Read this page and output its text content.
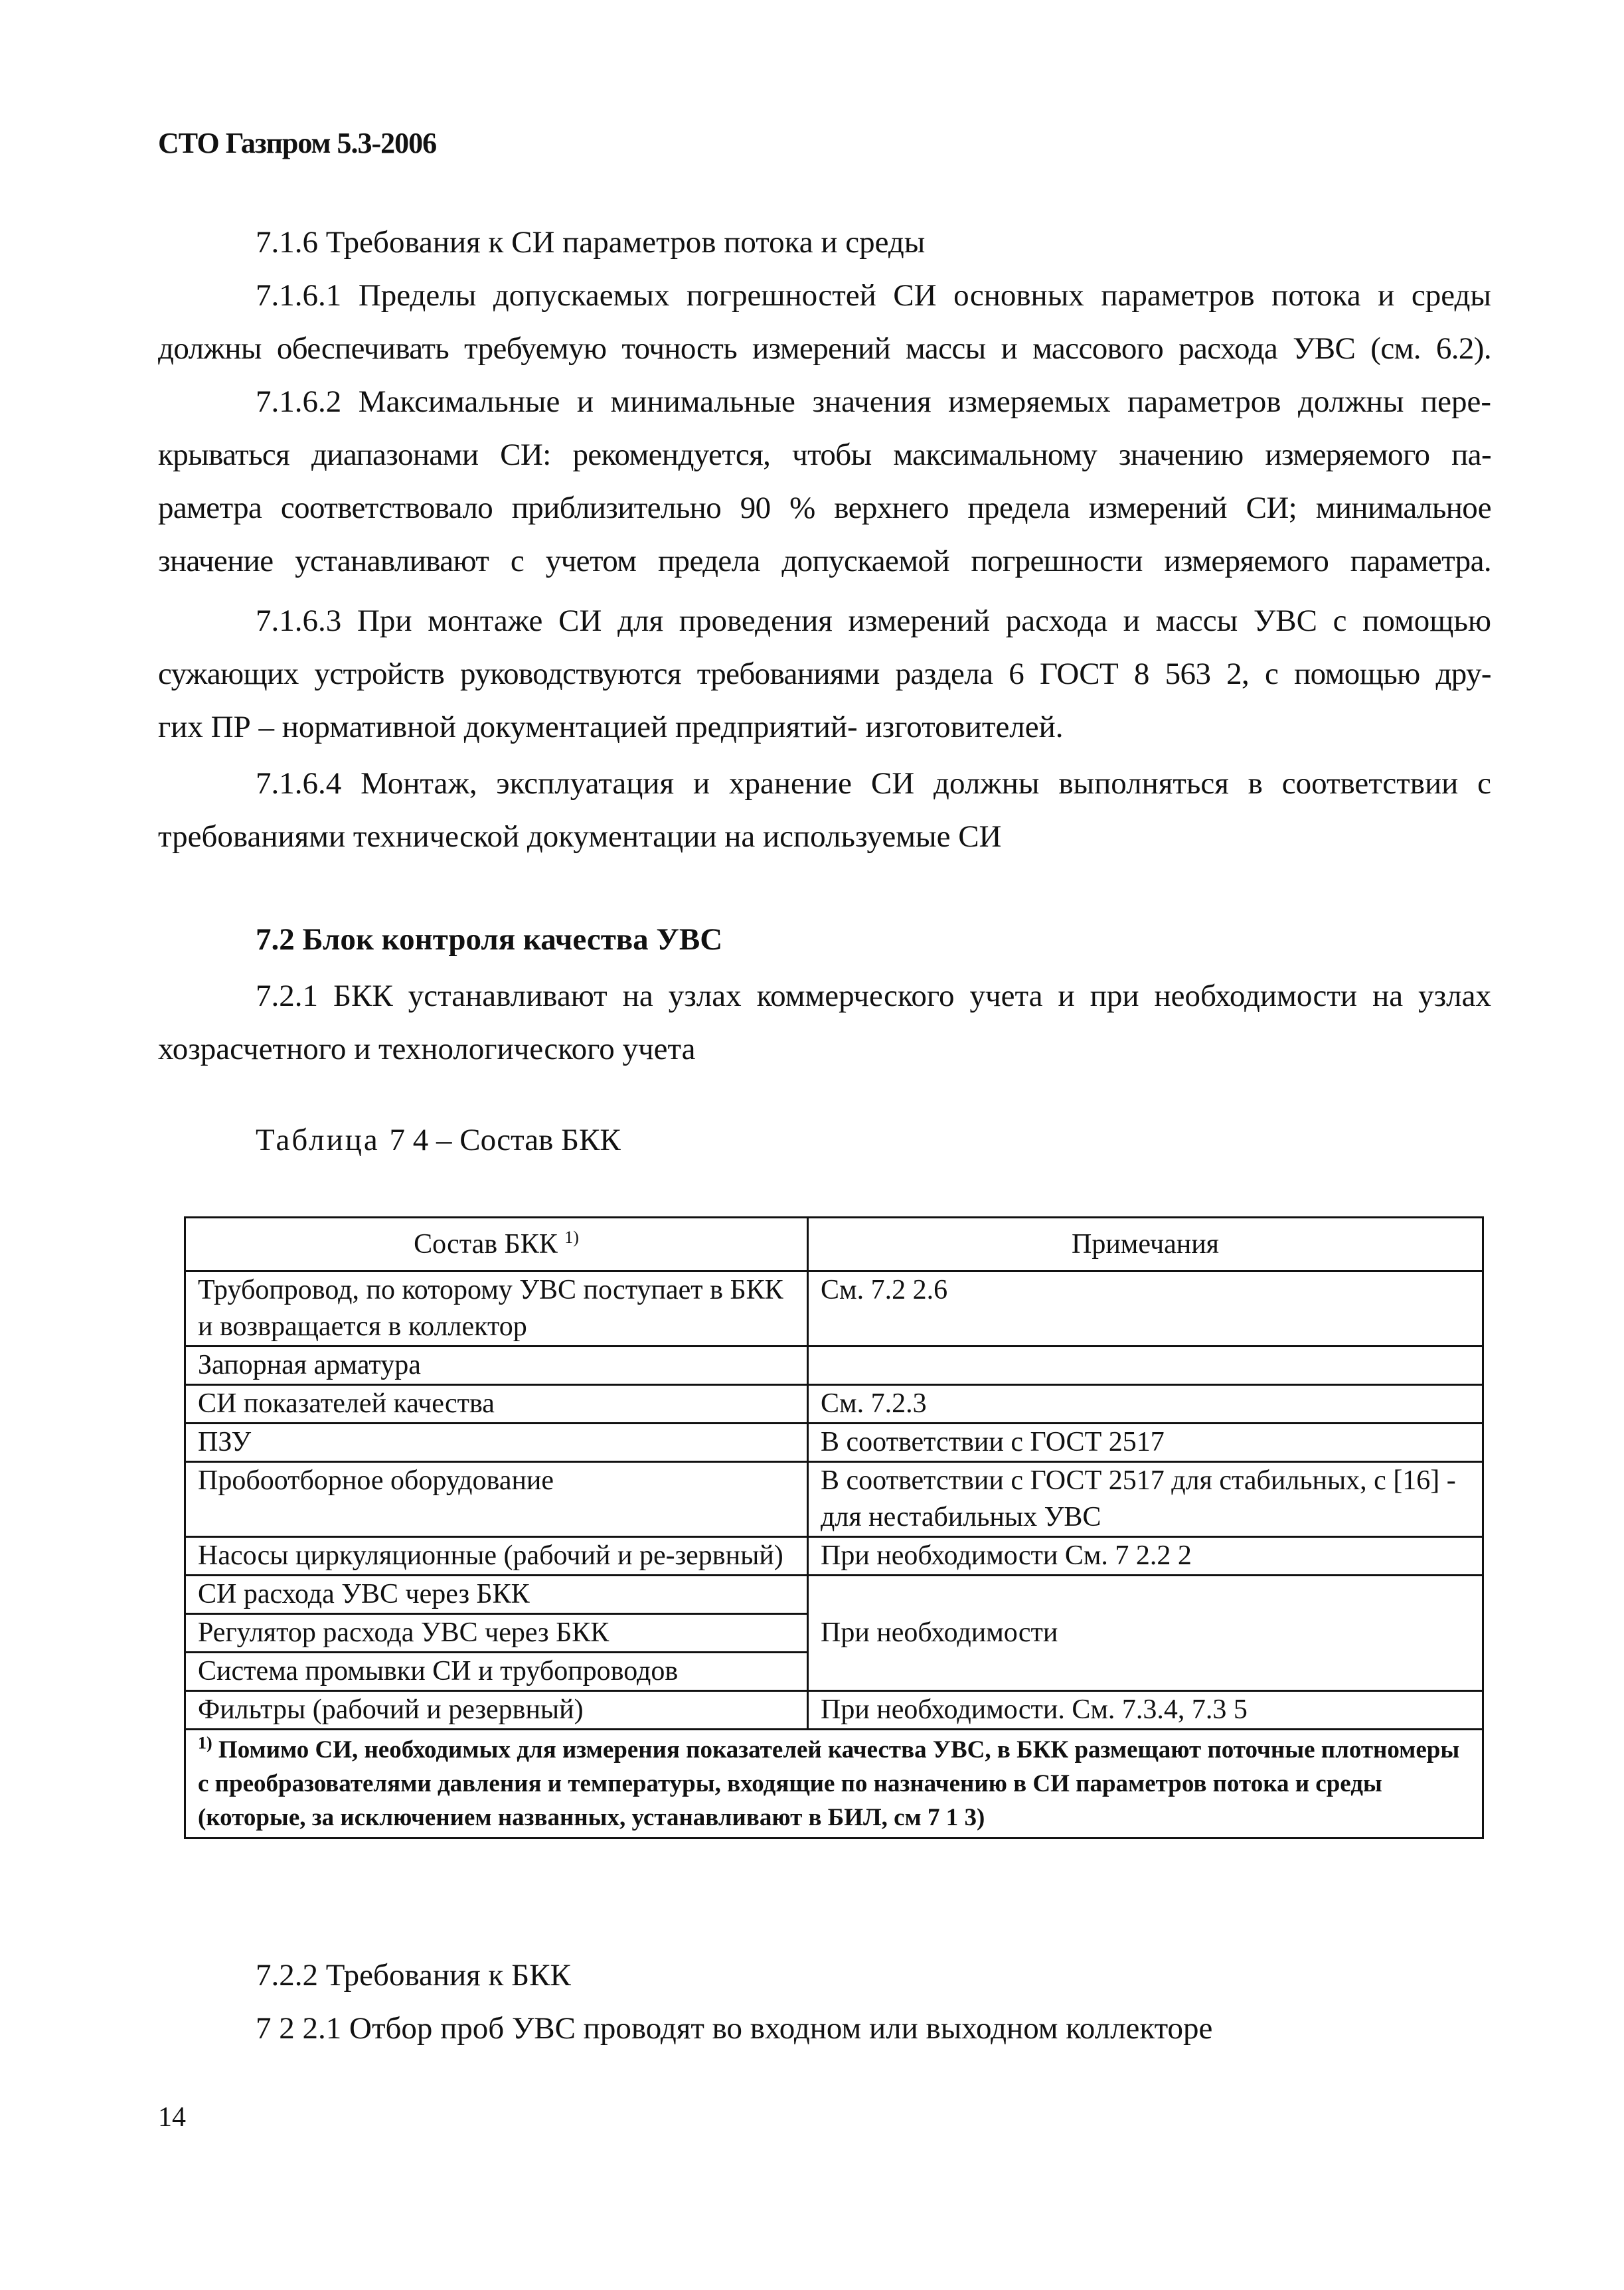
СТО Газпром 5.3-2006
7.1.6 Требования к СИ параметров потока и среды
7.1.6.1 Пределы допускаемых погрешностей СИ основных параметров потока и среды
должны обеспечивать требуемую точность измерений массы и массового расхода УВС (см. 6.2).
7.1.6.2 Максимальные и минимальные значения измеряемых параметров должны пере-
крываться диапазонами СИ: рекомендуется, чтобы максимальному значению измеряемого па-
раметра соответствовало приблизительно 90 % верхнего предела измерений СИ; минимальное
значение устанавливают с учетом предела допускаемой погрешности измеряемого параметра.
7.1.6.3 При монтаже СИ для проведения измерений расхода и массы УВС с помощью
сужающих устройств руководствуются требованиями раздела 6 ГОСТ 8 563 2, с помощью дру-
гих ПР – нормативной документацией предприятий- изготовителей.
7.1.6.4 Монтаж, эксплуатация и хранение СИ должны выполняться в соответствии с
требованиями технической документации на используемые СИ
7.2 Блок контроля качества УВС
7.2.1 БКК устанавливают на узлах коммерческого учета и при необходимости на узлах
хозрасчетного и технологического учета
Таблица 7 4 – Состав БКК
Состав БКК $^{1)}$	Примечания
Трубопровод, по которому УВС поступает в БКК и возвращается в коллектор	См. 7.2 2.6
Запорная арматура	
СИ показателей качества	См. 7.2.3
ПЗУ	В соответствии с ГОСТ 2517
Пробоотборное оборудование	В соответствии с ГОСТ 2517 для стабильных, с [16] - для нестабильных УВС
Насосы циркуляционные (рабочий и ре-зервный)	При необходимости См. 7 2.2 2
СИ расхода УВС через БКК	При необходимости
Регулятор расхода УВС через БКК	
Система промывки СИ и трубопроводов	
Фильтры (рабочий и резервный)	При необходимости. См. 7.3.4, 7.3 5
$^{1)}$ Помимо СИ, необходимых для измерения показателей качества УВС, в БКК размещают поточные плотномеры с преобразователями давления и температуры, входящие по назначению в СИ параметров потока и среды (которые, за исключением названных, устанавливают в БИЛ, см 7 1 3)	
7.2.2 Требования к БКК
7 2 2.1 Отбор проб УВС проводят во входном или выходном коллекторе
14
